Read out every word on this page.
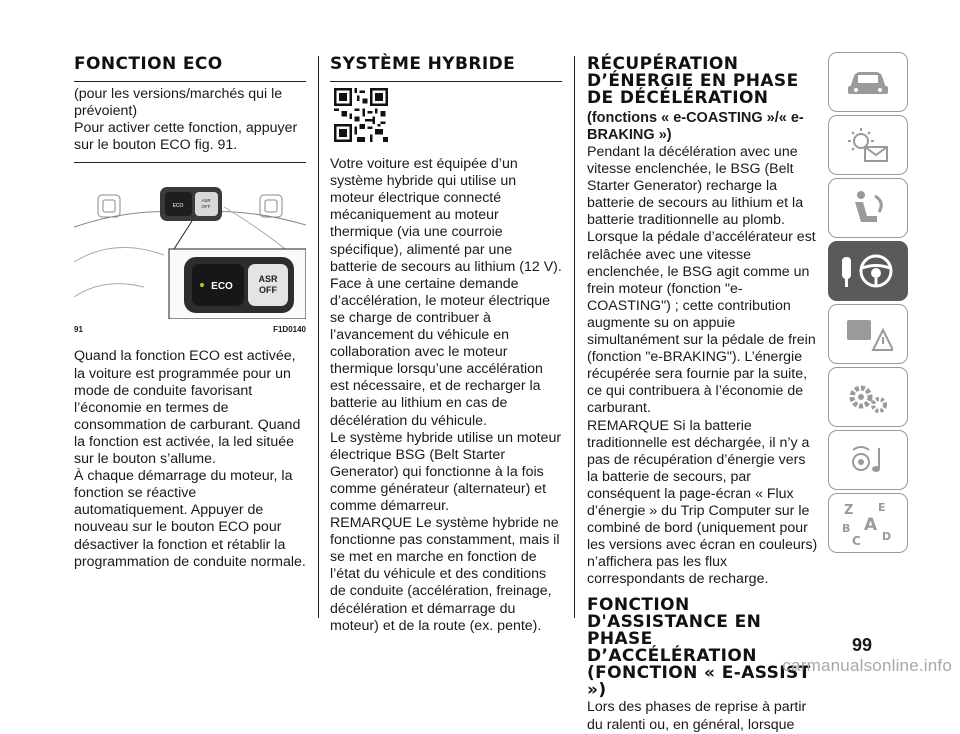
FONCTION ECO

(pour les versions/marchés qui le prévoient)

Pour activer cette fonction, appuyer sur le bouton ECO fig. 91.

ECO
ASR
OFF
ECO
ASR
OFF
91	F1D0140

Quand la fonction ECO est activée, la voiture est programmée pour un mode de conduite favorisant l’économie en termes de consommation de carburant. Quand la fonction est activée, la led située sur le bouton s’allume.

À chaque démarrage du moteur, la fonction se réactive automatiquement. Appuyer de nouveau sur le bouton ECO pour désactiver la fonction et rétablir la programmation de conduite normale.

SYSTÈME HYBRIDE

Votre voiture est équipée d’un système hybride qui utilise un moteur électrique connecté mécaniquement au moteur thermique (via une courroie spécifique), alimenté par une batterie de secours au lithium (12 V). Face à une certaine demande d’accélération, le moteur électrique se charge de contribuer à l’avancement du véhicule en collaboration avec le moteur thermique lorsqu’une accélération est nécessaire, et de recharger la batterie au lithium en cas de décélération du véhicule.

Le système hybride utilise un moteur électrique BSG (Belt Starter Generator) qui fonctionne à la fois comme générateur (alternateur) et comme démarreur.

REMARQUE Le système hybride ne fonctionne pas constamment, mais il se met en marche en fonction de l’état du véhicule et des conditions de conduite (accélération, freinage, décélération et démarrage du moteur) et de la route (ex. pente).

RÉCUPÉRATION D’ÉNERGIE EN PHASE DE DÉCÉLÉRATION

(fonctions « e-COASTING »/« e-BRAKING »)

Pendant la décélération avec une vitesse enclenchée, le BSG (Belt Starter Generator) recharge la batterie de secours au lithium et la batterie traditionnelle au plomb. Lorsque la pédale d’accélérateur est relâchée avec une vitesse enclenchée, le BSG agit comme un frein moteur (fonction "e-COASTING") ; cette contribution augmente su on appuie simultanément sur la pédale de frein (fonction "e-BRAKING"). L’énergie récupérée sera fournie par la suite, ce qui contribuera à l’économie de carburant.

REMARQUE Si la batterie traditionnelle est déchargée, il n’y a pas de récupération d’énergie vers la batterie de secours, par conséquent la page-écran « Flux d’énergie » du Trip Computer sur le combiné de bord (uniquement pour les versions avec écran en couleurs) n’affichera pas les flux correspondants de recharge.

FONCTION D'ASSISTANCE EN PHASE D’ACCÉLÉRATION (FONCTION « E-ASSIST »)

Lors des phases de reprise à partir du ralenti ou, en général, lorsque

Z E
B A
C D
99
carmanualsonline.info
